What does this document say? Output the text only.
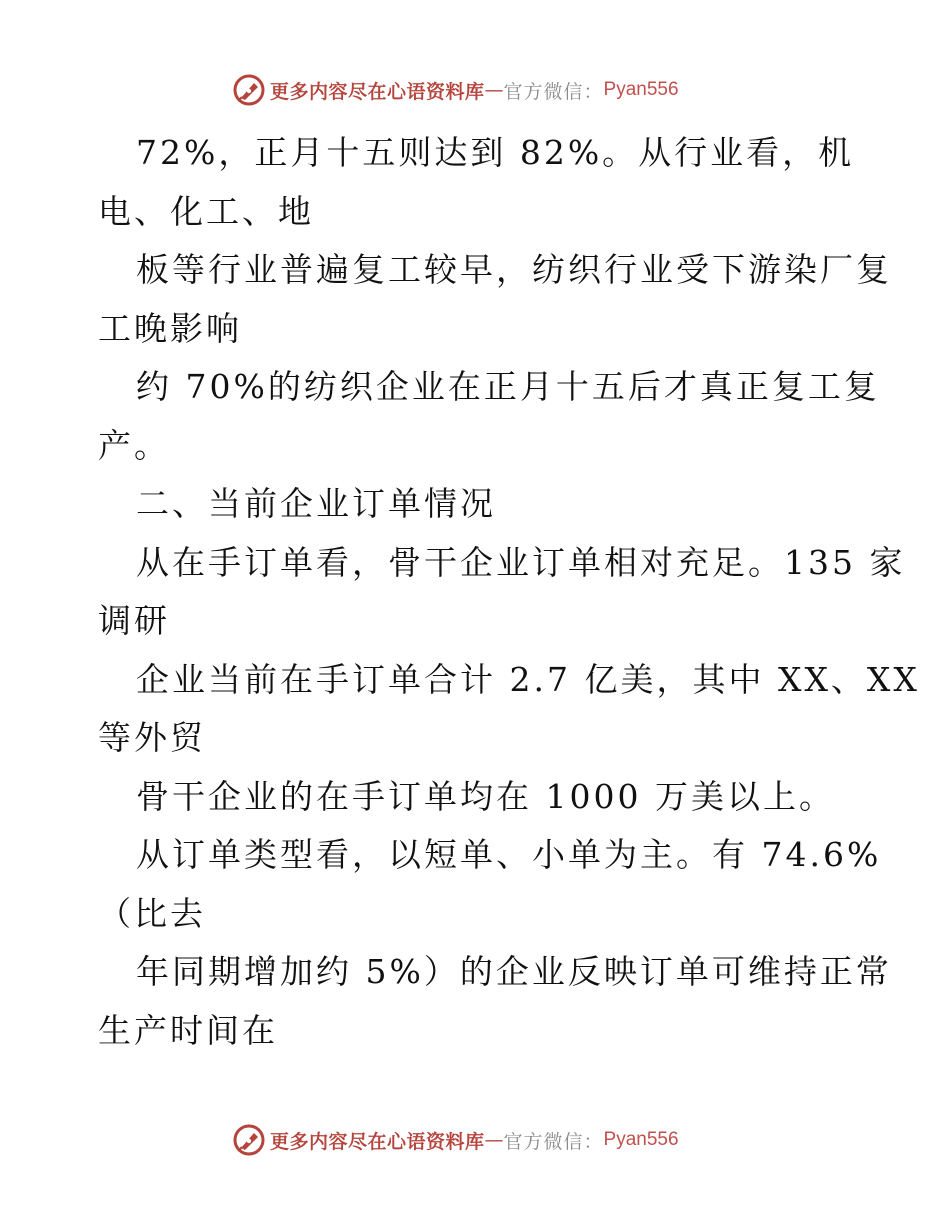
更多内容尽在心语资料库 — 官方微信： Pyan556
72%，正月十五则达到 82%。从行业看，机
电、化工、地
板等行业普遍复工较早，纺织行业受下游染厂复
工晚影响
约 70%的纺织企业在正月十五后才真正复工复
产。
二、当前企业订单情况
从在手订单看，骨干企业订单相对充足。135 家
调研
企业当前在手订单合计 2.7 亿美，其中 XX、XX
等外贸
骨干企业的在手订单均在 1000 万美以上。
从订单类型看，以短单、小单为主。有 74.6%
（比去
年同期增加约 5%）的企业反映订单可维持正常
生产时间在
更多内容尽在心语资料库 — 官方微信： Pyan556
